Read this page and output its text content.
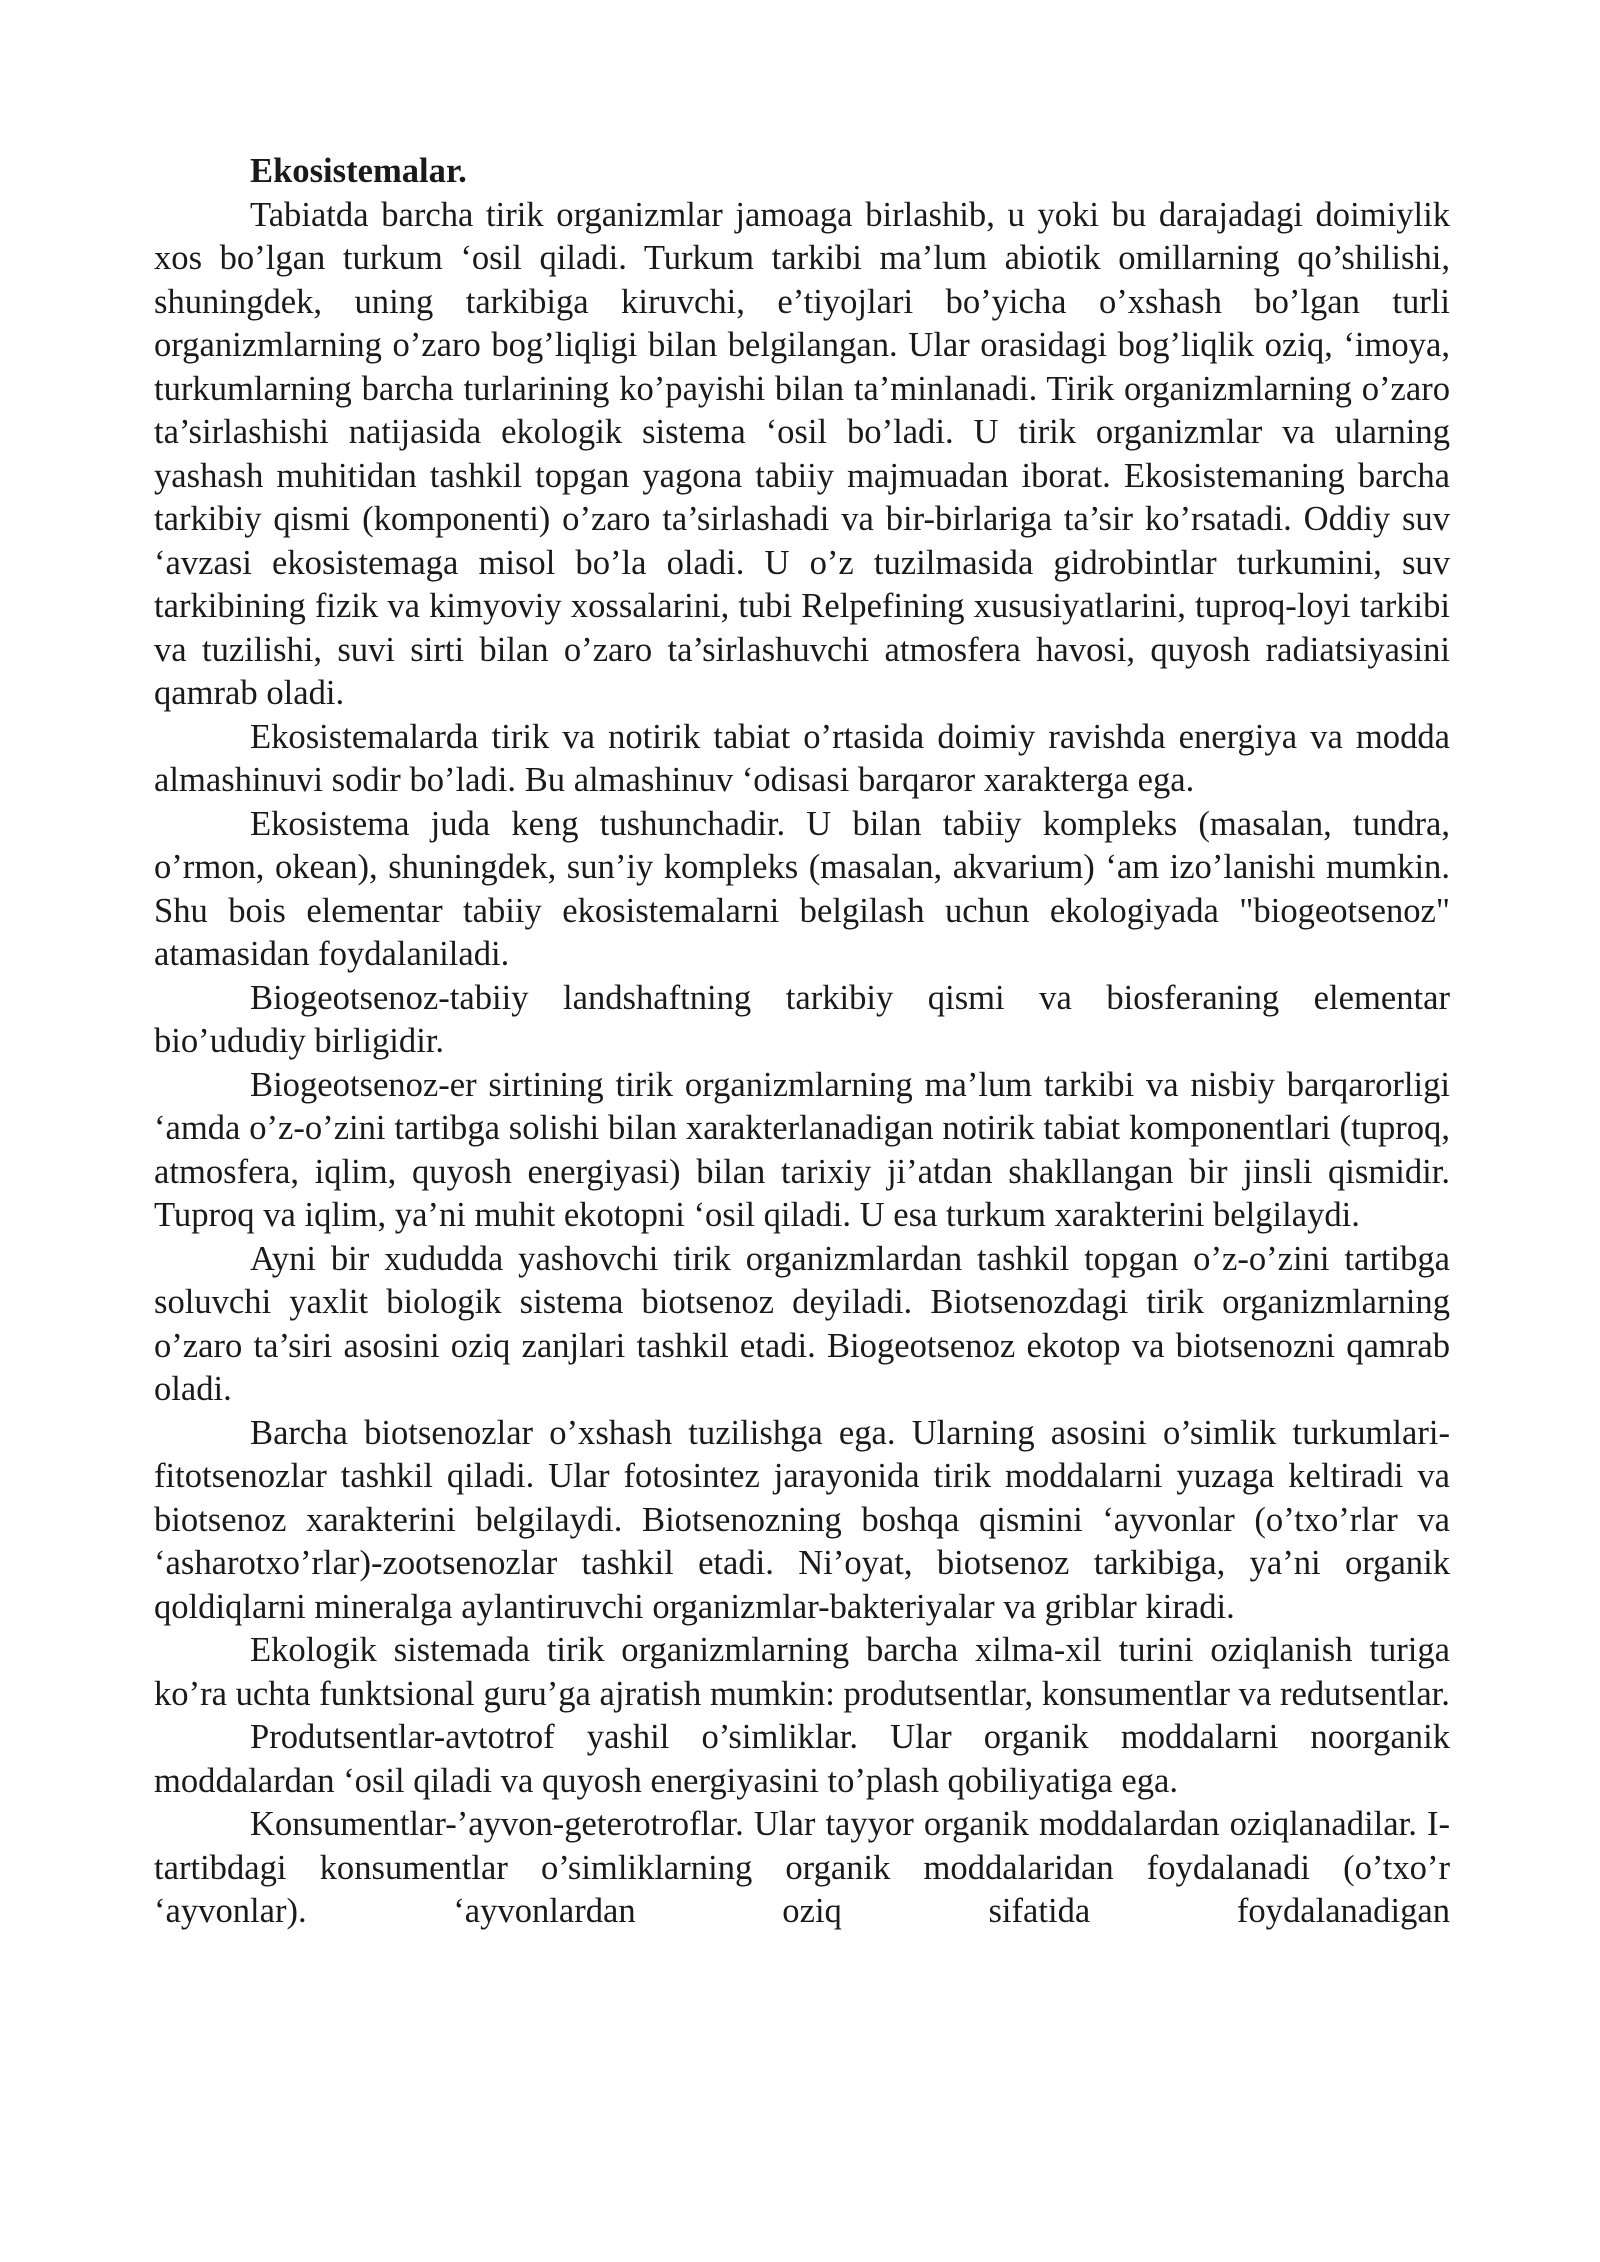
Ekosistemalar.

Tabiatda barcha tirik organizmlar jamoaga birlashib, u yoki bu darajadagi doimiylik xos bo’lgan turkum ‘osil qiladi. Turkum tarkibi ma’lum abiotik omillarning qo’shilishi, shuningdek, uning tarkibiga kiruvchi, e’tiyojlari bo’yicha o’xshash bo’lgan turli organizmlarning o’zaro bog’liqligi bilan belgilangan. Ular orasidagi bog’liqlik oziq, ‘imoya, turkumlarning barcha turlarining ko’payishi bilan ta’minlanadi. Tirik organizmlarning o’zaro ta’sirlashishi natijasida ekologik sistema ‘osil bo’ladi. U tirik organizmlar va ularning yashash muhitidan tashkil topgan yagona tabiiy majmuadan iborat. Ekosistemaning barcha tarkibiy qismi (komponenti) o’zaro ta’sirlashadi va bir-birlariga ta’sir ko’rsatadi. Oddiy suv ‘avzasi ekosistemaga misol bo’la oladi. U o’z tuzilmasida gidrobintlar turkumini, suv tarkibining fizik va kimyoviy xossalarini, tubi Relpefining xususiyatlarini, tuproq-loyi tarkibi va tuzilishi, suvi sirti bilan o’zaro ta’sirlashuvchi atmosfera havosi, quyosh radiatsiyasini qamrab oladi.

Ekosistemalarda tirik va notirik tabiat o’rtasida doimiy ravishda energiya va modda almashinuvi sodir bo’ladi. Bu almashinuv ‘odisasi barqaror xarakterga ega.

Ekosistema juda keng tushunchadir. U bilan tabiiy kompleks (masalan, tundra, o’rmon, okean), shuningdek, sun’iy kompleks (masalan, akvarium) ‘am izo’lanishi mumkin. Shu bois elementar tabiiy ekosistemalarni belgilash uchun ekologiyada "biogeotsenoz" atamasidan foydalaniladi.

Biogeotsenoz-tabiiy landshaftning tarkibiy qismi va biosferaning elementar bio’ududiy birligidir.

Biogeotsenoz-er sirtining tirik organizmlarning ma’lum tarkibi va nisbiy barqarorligi ‘amda o’z-o’zini tartibga solishi bilan xarakterlanadigan notirik tabiat komponentlari (tuproq, atmosfera, iqlim, quyosh energiyasi) bilan tarixiy ji’atdan shakllangan bir jinsli qismidir. Tuproq va iqlim, ya’ni muhit ekotopni ‘osil qiladi. U esa turkum xarakterini belgilaydi.

Ayni bir xududda yashovchi tirik organizmlardan tashkil topgan o’z-o’zini tartibga soluvchi yaxlit biologik sistema biotsenoz deyiladi. Biotsenozdagi tirik organizmlarning o’zaro ta’siri asosini oziq zanjlari tashkil etadi. Biogeotsenoz ekotop va biotsenozni qamrab oladi.

Barcha biotsenozlar o’xshash tuzilishga ega. Ularning asosini o’simlik turkumlari-fitotsenozlar tashkil qiladi. Ular fotosintez jarayonida tirik moddalarni yuzaga keltiradi va biotsenoz xarakterini belgilaydi. Biotsenozning boshqa qismini ‘ayvonlar (o’txo’rlar va ‘asharotxo’rlar)-zootsenozlar tashkil etadi. Ni’oyat, biotsenoz tarkibiga, ya’ni organik qoldiqlarni mineralga aylantiruvchi organizmlar-bakteriyalar va griblar kiradi.

Ekologik sistemada tirik organizmlarning barcha xilma-xil turini oziqlanish turiga ko’ra uchta funktsional guru’ga ajratish mumkin: produtsentlar, konsumentlar va redutsentlar.

Produtsentlar-avtotrof yashil o’simliklar. Ular organik moddalarni noorganik moddalardan ‘osil qiladi va quyosh energiyasini to’plash qobiliyatiga ega.

Konsumentlar-’ayvon-geterotroflar. Ular tayyor organik moddalardan oziqlanadilar. I-tartibdagi konsumentlar o’simliklarning organik moddalaridan foydalanadi (o’txo’r ‘ayvonlar). ‘ayvonlardan oziq sifatida foydalanadigan
